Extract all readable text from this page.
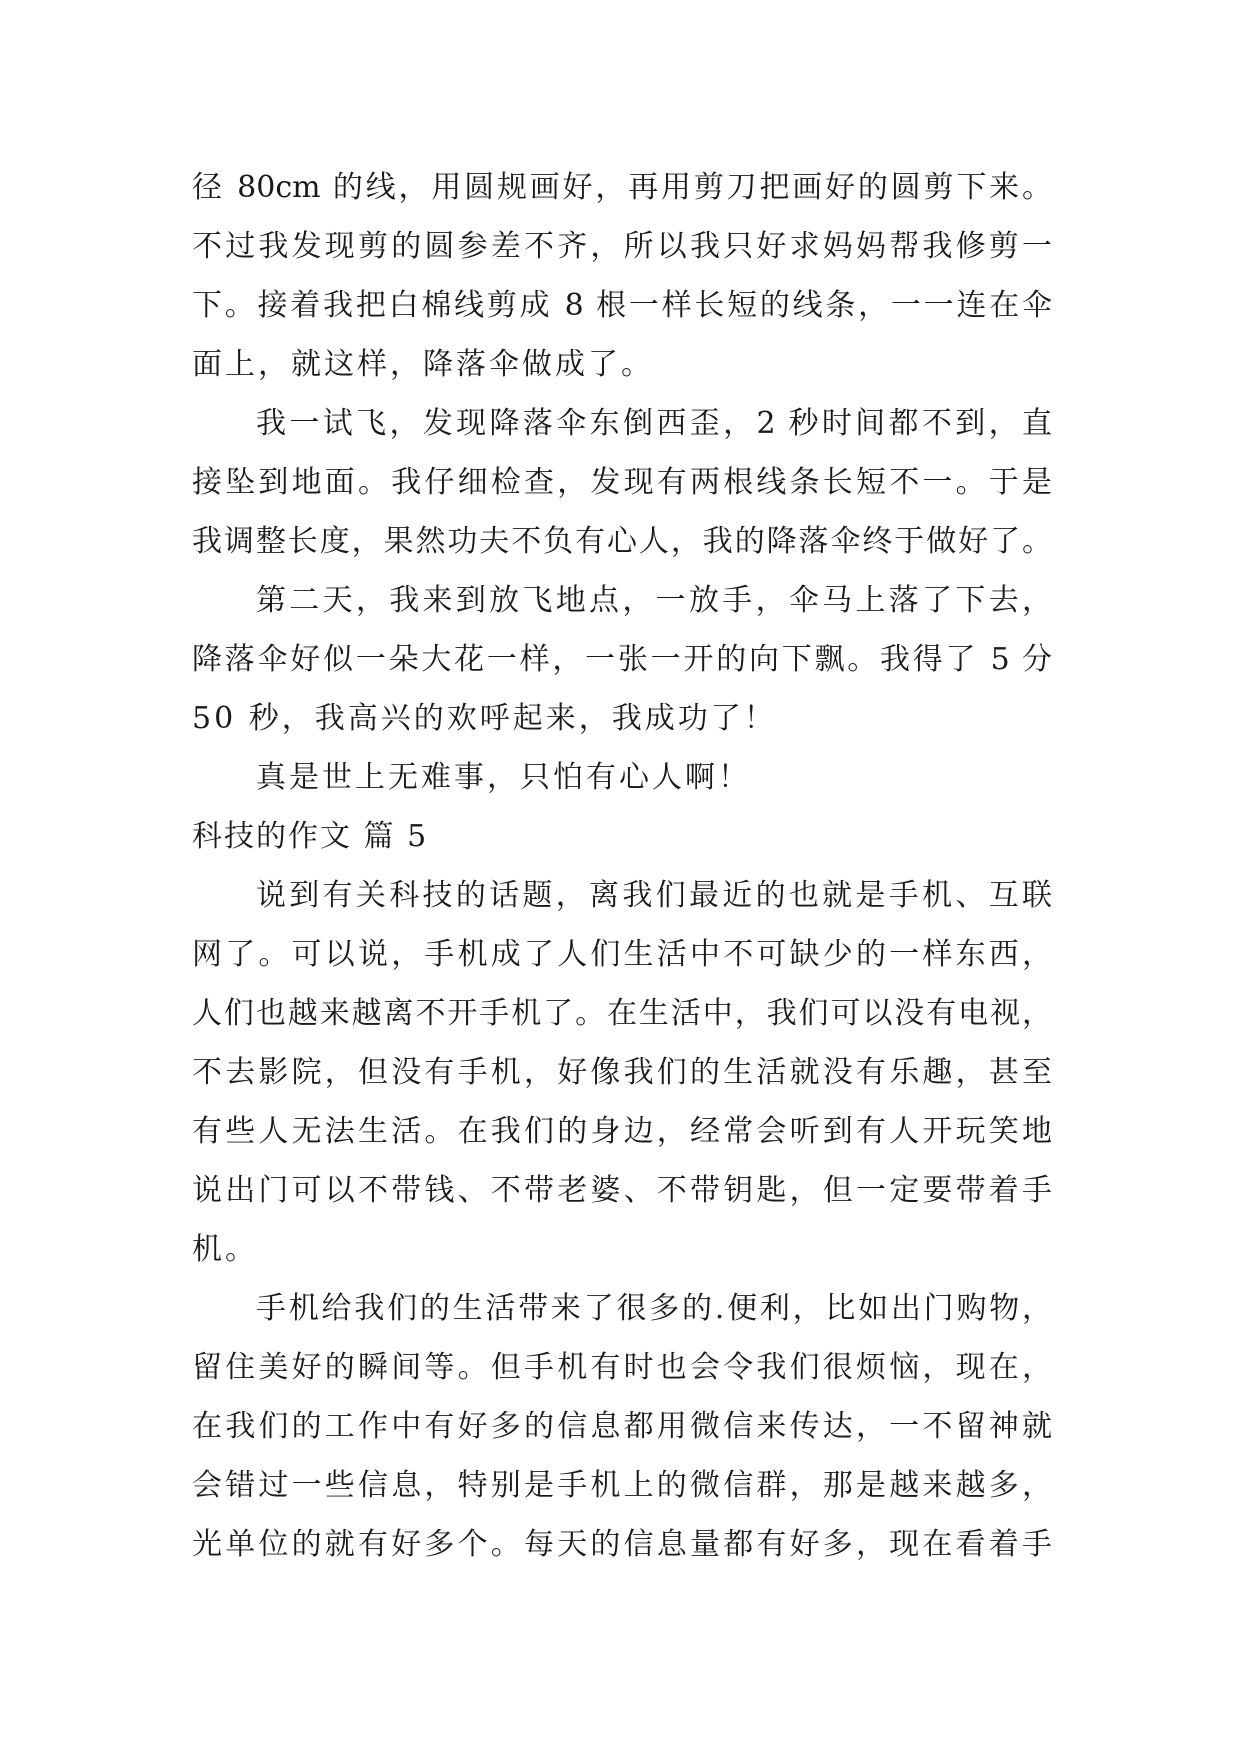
径 80cm 的线，用圆规画好，再用剪刀把画好的圆剪下来。
不过我发现剪的圆参差不齐，所以我只好求妈妈帮我修剪一
下。接着我把白棉线剪成 8 根一样长短的线条，一一连在伞
面上，就这样，降落伞做成了。
我一试飞，发现降落伞东倒西歪，2 秒时间都不到，直
接坠到地面。我仔细检查，发现有两根线条长短不一。于是
我调整长度，果然功夫不负有心人，我的降落伞终于做好了。
第二天，我来到放飞地点，一放手，伞马上落了下去，
降落伞好似一朵大花一样，一张一开的向下飘。我得了 5 分
50 秒，我高兴的欢呼起来，我成功了！
真是世上无难事，只怕有心人啊！
科技的作文 篇 5
说到有关科技的话题，离我们最近的也就是手机、互联
网了。可以说，手机成了人们生活中不可缺少的一样东西，
人们也越来越离不开手机了。在生活中，我们可以没有电视，
不去影院，但没有手机，好像我们的生活就没有乐趣，甚至
有些人无法生活。在我们的身边，经常会听到有人开玩笑地
说出门可以不带钱、不带老婆、不带钥匙，但一定要带着手
机。
手机给我们的生活带来了很多的.便利，比如出门购物，
留住美好的瞬间等。但手机有时也会令我们很烦恼，现在，
在我们的工作中有好多的信息都用微信来传达，一不留神就
会错过一些信息，特别是手机上的微信群，那是越来越多，
光单位的就有好多个。每天的信息量都有好多，现在看着手
